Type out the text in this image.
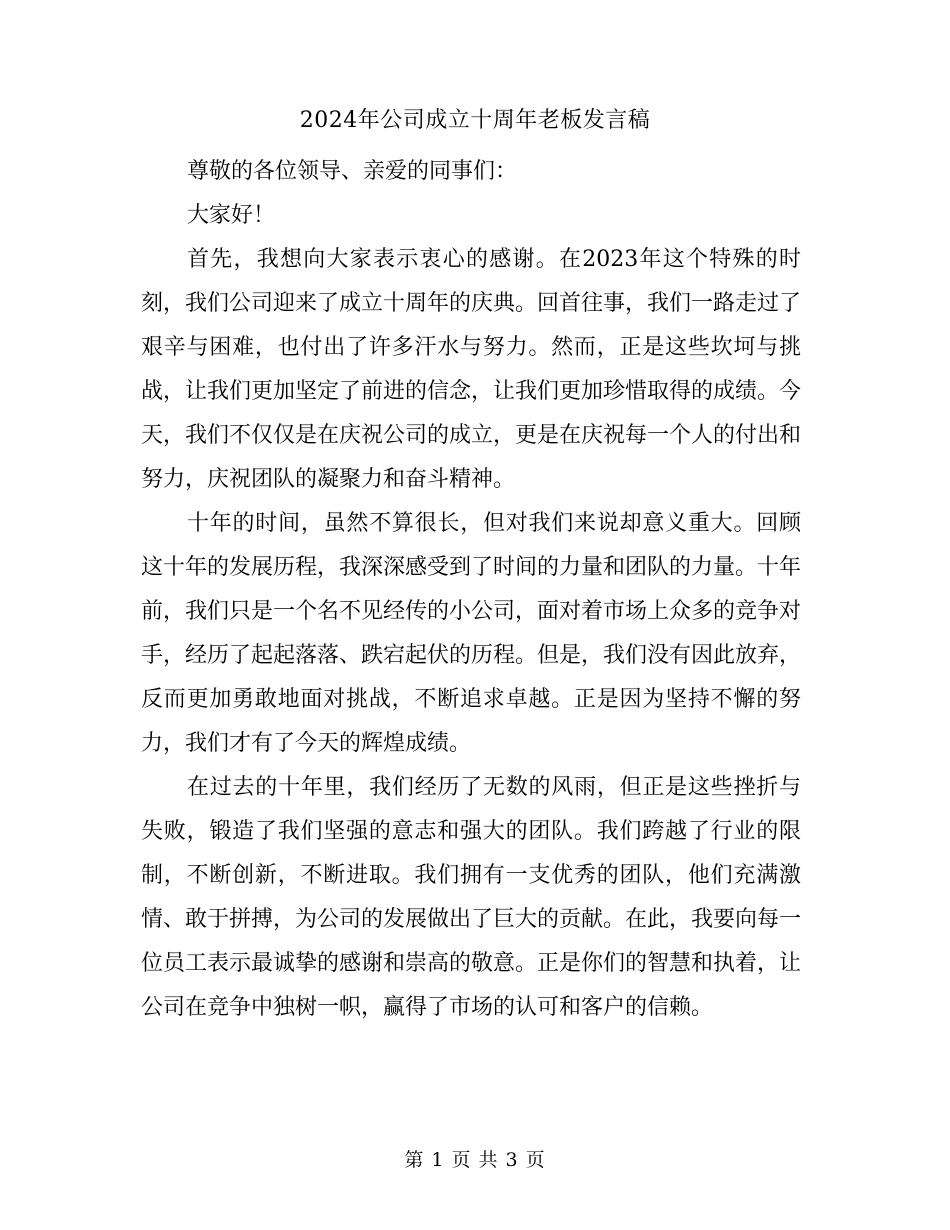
2024年公司成立十周年老板发言稿

尊敬的各位领导、亲爱的同事们：

大家好！

首先，我想向大家表示衷心的感谢。在2023年这个特殊的时刻，我们公司迎来了成立十周年的庆典。回首往事，我们一路走过了艰辛与困难，也付出了许多汗水与努力。然而，正是这些坎坷与挑战，让我们更加坚定了前进的信念，让我们更加珍惜取得的成绩。今天，我们不仅仅是在庆祝公司的成立，更是在庆祝每一个人的付出和努力，庆祝团队的凝聚力和奋斗精神。

十年的时间，虽然不算很长，但对我们来说却意义重大。回顾这十年的发展历程，我深深感受到了时间的力量和团队的力量。十年前，我们只是一个名不见经传的小公司，面对着市场上众多的竞争对手，经历了起起落落、跌宕起伏的历程。但是，我们没有因此放弃，反而更加勇敢地面对挑战，不断追求卓越。正是因为坚持不懈的努力，我们才有了今天的辉煌成绩。

在过去的十年里，我们经历了无数的风雨，但正是这些挫折与失败，锻造了我们坚强的意志和强大的团队。我们跨越了行业的限制，不断创新，不断进取。我们拥有一支优秀的团队，他们充满激情、敢于拼搏，为公司的发展做出了巨大的贡献。在此，我要向每一位员工表示最诚挚的感谢和崇高的敬意。正是你们的智慧和执着，让公司在竞争中独树一帜，赢得了市场的认可和客户的信赖。

第 1 页 共 3 页
